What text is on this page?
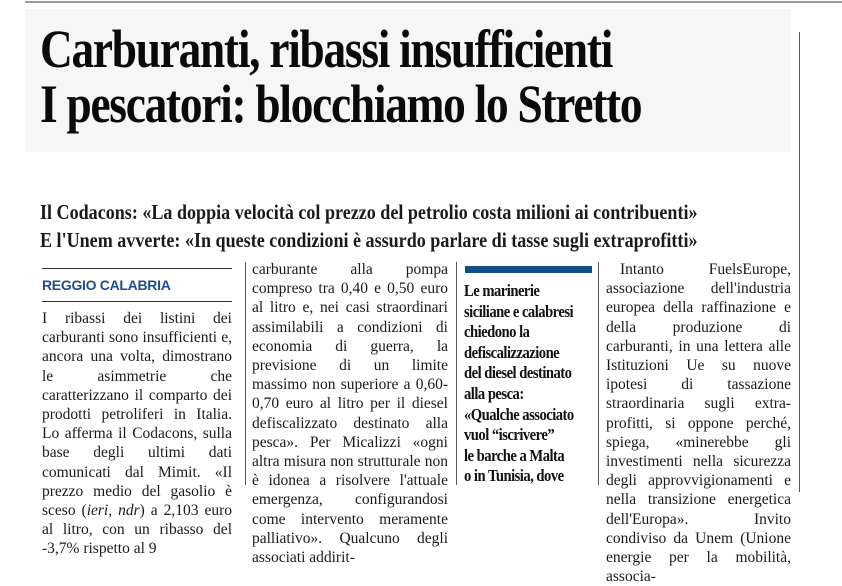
Carburanti, ribassi insufficienti
I pescatori: blocchiamo lo Stretto
Il Codacons: «La doppia velocità col prezzo del petrolio costa milioni ai contribuenti»
E l'Unem avverte: «In queste condizioni è assurdo parlare di tasse sugli extraprofitti»
REGGIO CALABRIA

I ribassi dei listini dei carburanti sono insufficienti e, ancora una volta, dimostrano le asimmetrie che caratterizzano il comparto dei prodotti petroliferi in Italia. Lo afferma il Codacons, sulla base degli ultimi dati comunicati dal Mimit. «Il prezzo medio del gasolio è sceso (ieri, ndr) a 2,103 euro al litro, con un ribasso del -3,7% rispetto al 9

carburante alla pompa compreso tra 0,40 e 0,50 euro al litro e, nei casi straordinari assimilabili a condizioni di economia di guerra, la previsione di un limite massimo non superiore a 0,60-0,70 euro al litro per il diesel defiscalizzato destinato alla pesca». Per Micalizzi «ogni altra misura non strutturale non è idonea a risolvere l'attuale emergenza, configurandosi come intervento meramente palliativo». Qualcuno degli associati addirit-

Le marinerie
siciliane e calabresi
chiedono la
defiscalizzazione
del diesel destinato
alla pesca:
«Qualche associato
vuol “iscrivere”
le barche a Malta
o in Tunisia, dove

Intanto FuelsEurope, associazione dell'industria europea della raffinazione e della produzione di carburanti, in una lettera alle Istituzioni Ue su nuove ipotesi di tassazione straordinaria sugli extra-profitti, si oppone perché, spiega, «minerebbe gli investimenti nella sicurezza degli approvvigionamenti e nella transizione energetica dell'Europa». Invito condiviso da Unem (Unione energie per la mobilità, associa-
